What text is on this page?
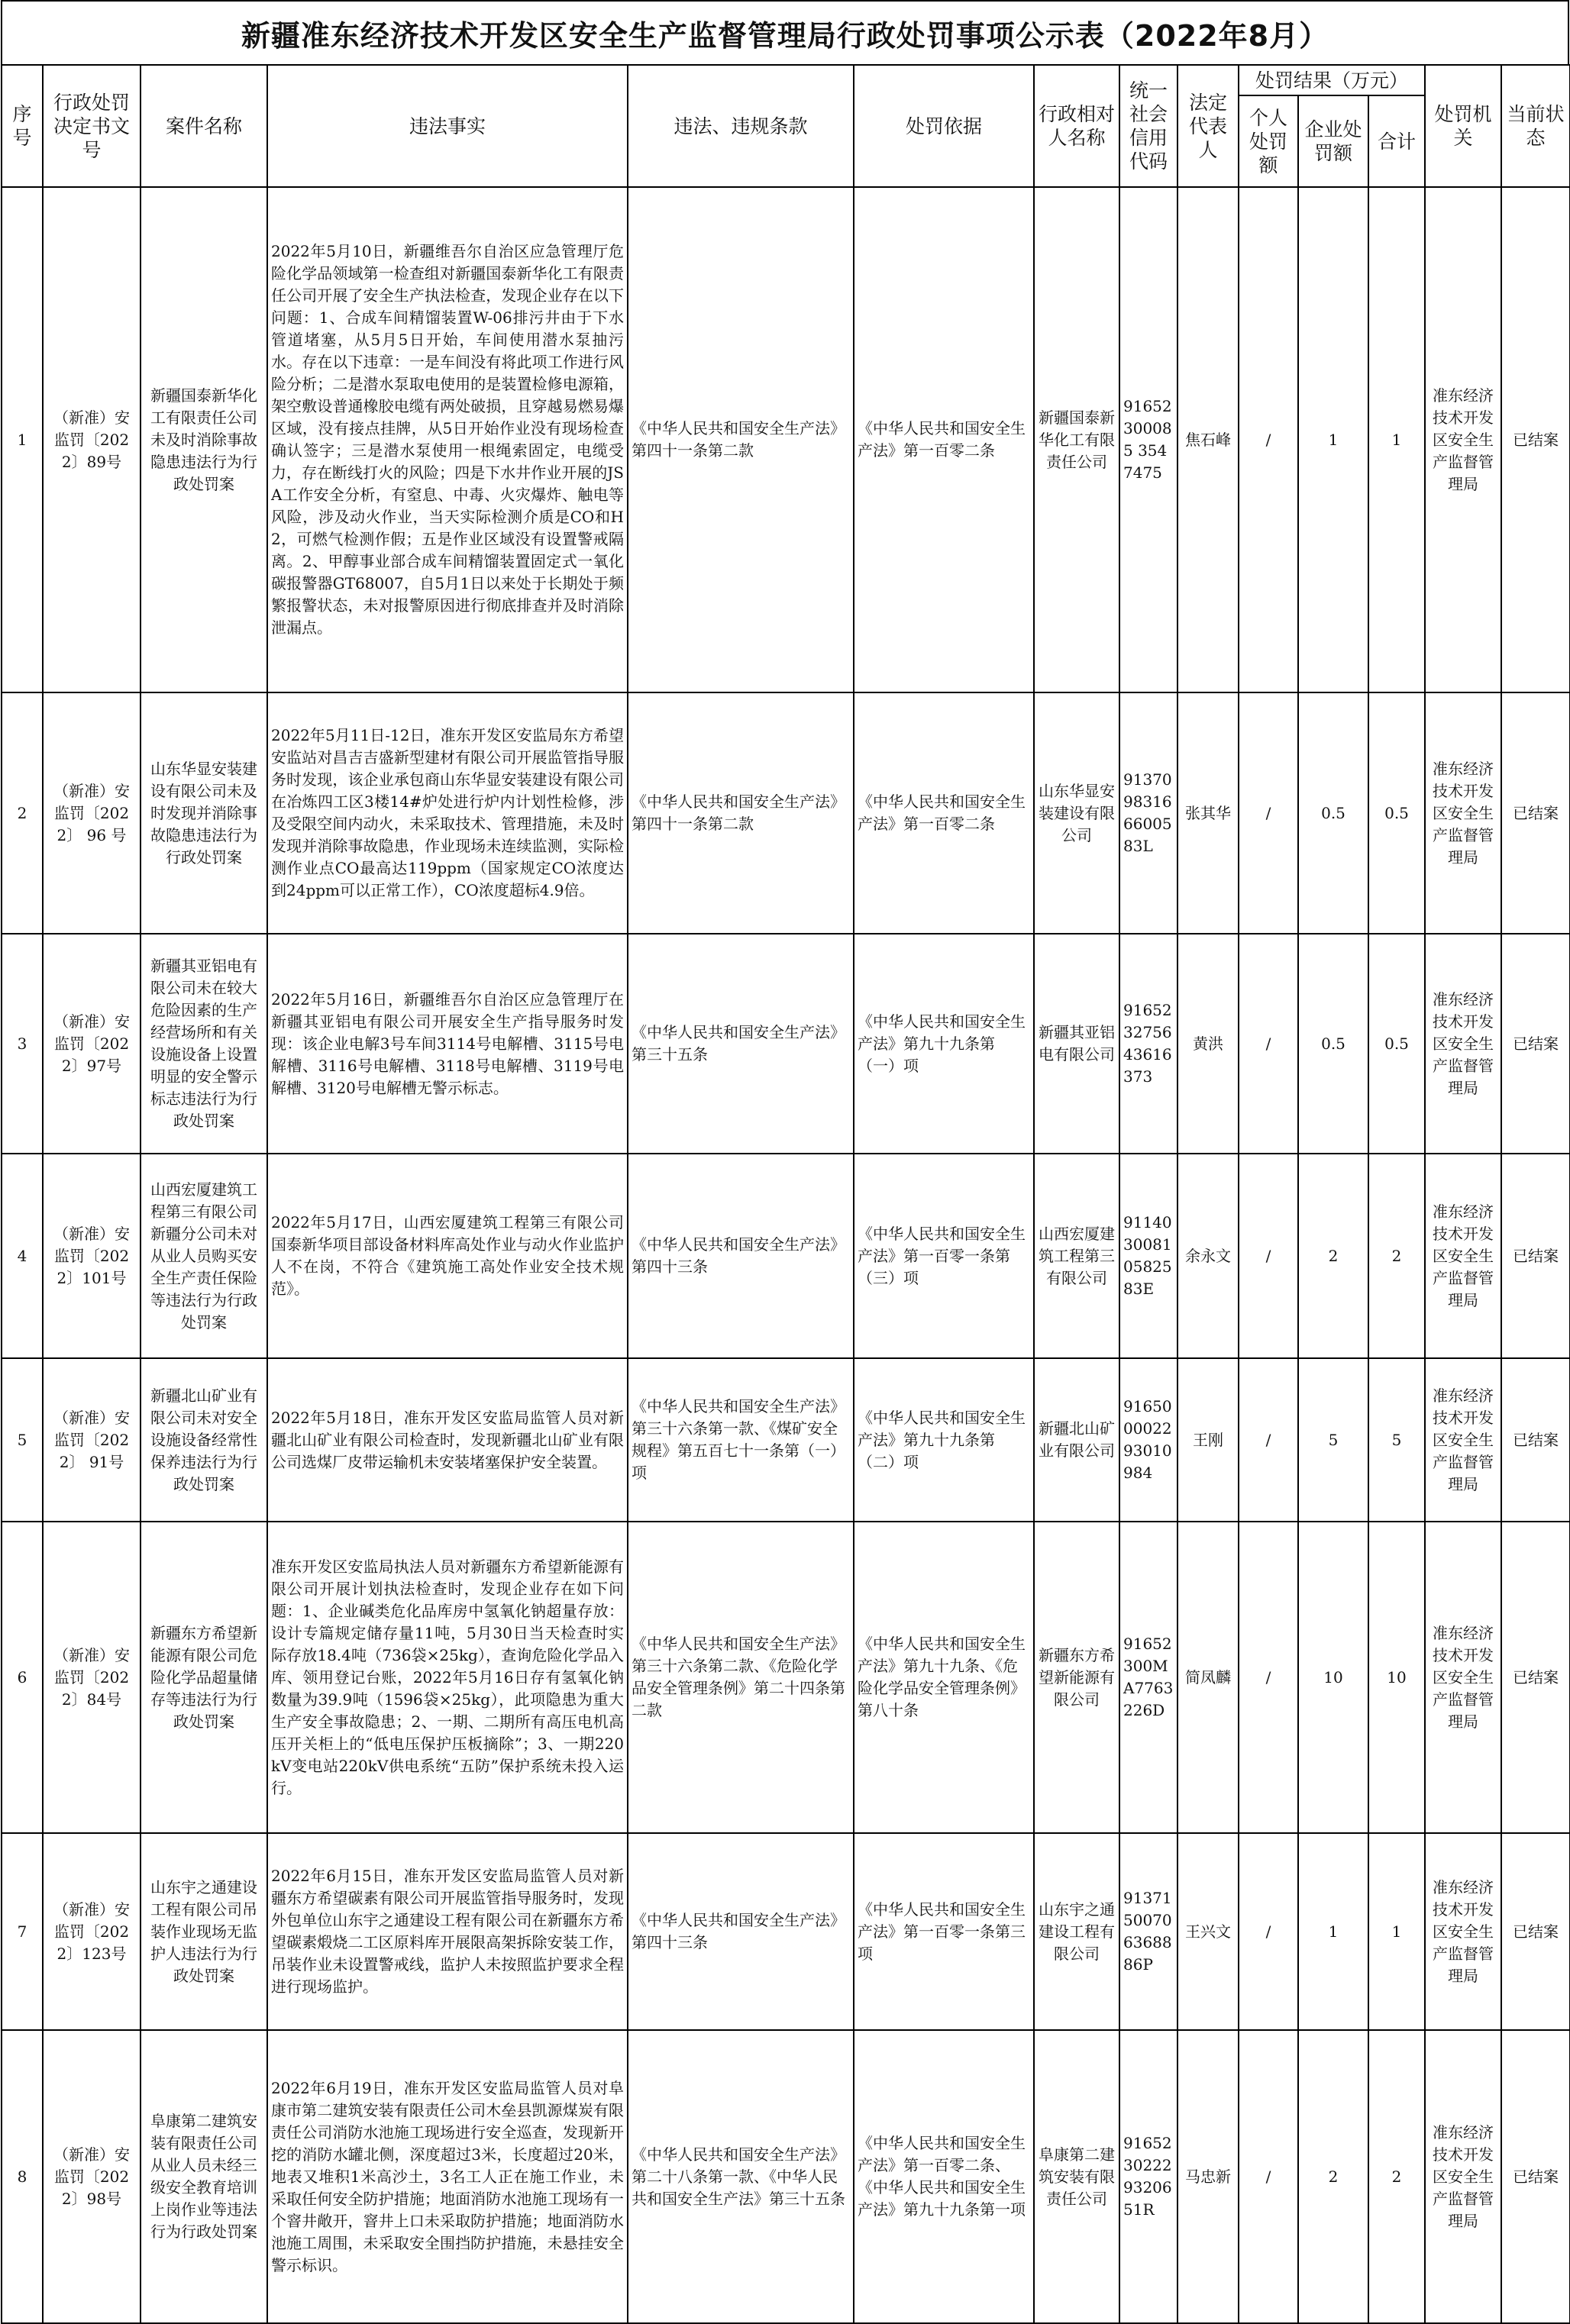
新疆准东经济技术开发区安全生产监督管理局行政处罚事项公示表（2022年8月）
序号	行政处罚决定书文号	案件名称	违法事实	违法、违规条款	处罚依据	行政相对人名称	统一社会信用代码	法定代表人	处罚结果（万元）			处罚机关	当前状态
									个人处罚额	企业处罚额	合计		
1	（新准）安监罚〔2022〕89号	新疆国泰新华化工有限责任公司未及时消除事故隐患违法行为行政处罚案	2022年5月10日，新疆维吾尔自治区应急管理厅危险化学品领域第一检查组对新疆国泰新华化工有限责任公司开展了安全生产执法检查，发现企业存在以下问题：1、合成车间精馏装置W-06排污井由于下水管道堵塞，从5月5日开始，车间使用潜水泵抽污水。存在以下违章：一是车间没有将此项工作进行风险分析；二是潜水泵取电使用的是装置检修电源箱，架空敷设普通橡胶电缆有两处破损，且穿越易燃易爆区域，没有接点挂牌，从5日开始作业没有现场检查确认签字；三是潜水泵使用一根绳索固定，电缆受力，存在断线打火的风险；四是下水井作业开展的JSA工作安全分析，有窒息、中毒、火灾爆炸、触电等风险，涉及动火作业，当天实际检测介质是CO和H2，可燃气检测作假；五是作业区域没有设置警戒隔离。2、甲醇事业部合成车间精馏装置固定式一氧化碳报警器GT68007，自5月1日以来处于长期处于频繁报警状态，未对报警原因进行彻底排查并及时消除泄漏点。	《中华人民共和国安全生产法》第四十一条第二款	《中华人民共和国安全生产法》第一百零二条	新疆国泰新华化工有限责任公司	91652300085 3547475	焦石峰	/	1	1	准东经济技术开发区安全生产监督管理局	已结案
2	（新准）安监罚〔2022〕 96 号	山东华显安装建设有限公司未及时发现并消除事故隐患违法行为行政处罚案	2022年5月11日-12日，准东开发区安监局东方希望安监站对昌吉吉盛新型建材有限公司开展监管指导服务时发现，该企业承包商山东华显安装建设有限公司在冶炼四工区3楼14#炉处进行炉内计划性检修，涉及受限空间内动火，未采取技术、管理措施，未及时发现并消除事故隐患，作业现场未连续监测，实际检测作业点CO最高达119ppm（国家规定CO浓度达到24ppm可以正常工作），CO浓度超标4.9倍。	《中华人民共和国安全生产法》第四十一条第二款	《中华人民共和国安全生产法》第一百零二条	山东华显安装建设有限公司	91370983166600583L	张其华	/	0.5	0.5	准东经济技术开发区安全生产监督管理局	已结案
3	（新准）安监罚〔2022〕97号	新疆其亚铝电有限公司未在较大危险因素的生产经营场所和有关设施设备上设置明显的安全警示标志违法行为行政处罚案	2022年5月16日，新疆维吾尔自治区应急管理厅在新疆其亚铝电有限公司开展安全生产指导服务时发现：该企业电解3号车间3114号电解槽、3115号电解槽、3116号电解槽、3118号电解槽、3119号电解槽、3120号电解槽无警示标志。	《中华人民共和国安全生产法》第三十五条	《中华人民共和国安全生产法》第九十九条第（一）项	新疆其亚铝电有限公司	916523275643616373	黄洪	/	0.5	0.5	准东经济技术开发区安全生产监督管理局	已结案
4	（新准）安监罚〔2022〕101号	山西宏厦建筑工程第三有限公司新疆分公司未对从业人员购买安全生产责任保险等违法行为行政处罚案	2022年5月17日，山西宏厦建筑工程第三有限公司国泰新华项目部设备材料库高处作业与动火作业监护人不在岗，不符合《建筑施工高处作业安全技术规范》。	《中华人民共和国安全生产法》第四十三条	《中华人民共和国安全生产法》第一百零一条第（三）项	山西宏厦建筑工程第三有限公司	91140300810582583E	余永文	/	2	2	准东经济技术开发区安全生产监督管理局	已结案
5	（新准）安监罚〔2022〕 91号	新疆北山矿业有限公司未对安全设施设备经常性保养违法行为行政处罚案	2022年5月18日，准东开发区安监局监管人员对新疆北山矿业有限公司检查时，发现新疆北山矿业有限公司选煤厂皮带运输机未安装堵塞保护安全装置。	《中华人民共和国安全生产法》第三十六条第一款、《煤矿安全规程》第五百七十一条第（一）项	《中华人民共和国安全生产法》第九十九条第（二）项	新疆北山矿业有限公司	916500002293010984	王刚	/	5	5	准东经济技术开发区安全生产监督管理局	已结案
6	（新准）安监罚〔2022〕84号	新疆东方希望新能源有限公司危险化学品超量储存等违法行为行政处罚案	准东开发区安监局执法人员对新疆东方希望新能源有限公司开展计划执法检查时，发现企业存在如下问题：1、企业碱类危化品库房中氢氧化钠超量存放：设计专篇规定储存量11吨，5月30日当天检查时实际存放18.4吨（736袋×25kg），查询危险化学品入库、领用登记台账，2022年5月16日存有氢氧化钠数量为39.9吨（1596袋×25kg），此项隐患为重大生产安全事故隐患；2、一期、二期所有高压电机高压开关柜上的“低电压保护压板摘除”；3、一期220kV变电站220kV供电系统“五防”保护系统未投入运行。	《中华人民共和国安全生产法》第三十六条第二款、《危险化学品安全管理条例》第二十四条第二款	《中华人民共和国安全生产法》第九十九条、《危险化学品安全管理条例》第八十条	新疆东方希望新能源有限公司	91652300MA7763226D	简凤麟	/	10	10	准东经济技术开发区安全生产监督管理局	已结案
7	（新准）安监罚〔2022〕123号	山东宇之通建设工程有限公司吊装作业现场无监护人违法行为行政处罚案	2022年6月15日，准东开发区安监局监管人员对新疆东方希望碳素有限公司开展监管指导服务时，发现外包单位山东宇之通建设工程有限公司在新疆东方希望碳素煅烧二工区原料库开展限高架拆除安装工作，吊装作业未设置警戒线，监护人未按照监护要求全程进行现场监护。	《中华人民共和国安全生产法》第四十三条	《中华人民共和国安全生产法》第一百零一条第三项	山东宇之通建设工程有限公司	91371500706368886P	王兴文	/	1	1	准东经济技术开发区安全生产监督管理局	已结案
8	（新准）安监罚〔2022〕98号	阜康第二建筑安装有限责任公司从业人员未经三级安全教育培训上岗作业等违法行为行政处罚案	2022年6月19日，准东开发区安监局监管人员对阜康市第二建筑安装有限责任公司木垒县凯源煤炭有限责任公司消防水池施工现场进行安全巡查，发现新开挖的消防水罐北侧，深度超过3米，长度超过20米，地表又堆积1米高沙土，3名工人正在施工作业，未采取任何安全防护措施；地面消防水池施工现场有一个窨井敞开，窨井上口未采取防护措施；地面消防水池施工周围，未采取安全围挡防护措施，未悬挂安全警示标识。	《中华人民共和国安全生产法》第二十八条第一款、《中华人民共和国安全生产法》第三十五条	《中华人民共和国安全生产法》第一百零二条、《中华人民共和国安全生产法》第九十九条第一项	阜康第二建筑安装有限责任公司	91652302229320651R	马忠新	/	2	2	准东经济技术开发区安全生产监督管理局	已结案
